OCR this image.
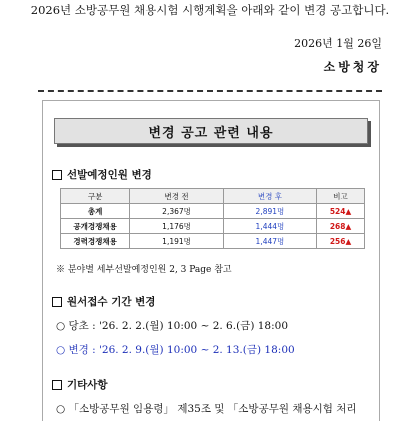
2026년 소방공무원 채용시험 시행계획을 아래와 같이 변경 공고합니다.
2026년 1월 26일
소방청장
변경 공고 관련 내용
선발예정인원 변경
구분	변경 전	변경 후	비고
총계	2,367명	2,891명	524▲
공개경쟁채용	1,176명	1,444명	268▲
경력경쟁채용	1,191명	1,447명	256▲
※ 분야별 세부선발예정인원 2, 3 Page 참고
원서접수 기간 변경
○ 당초 : '26. 2. 2.(월) 10:00 ~ 2. 6.(금) 18:00
○ 변경 : '26. 2. 9.(월) 10:00 ~ 2. 13.(금) 18:00
기타사항
○ 「소방공무원 임용령」 제35조 및 「소방공무원 채용시험 처리
